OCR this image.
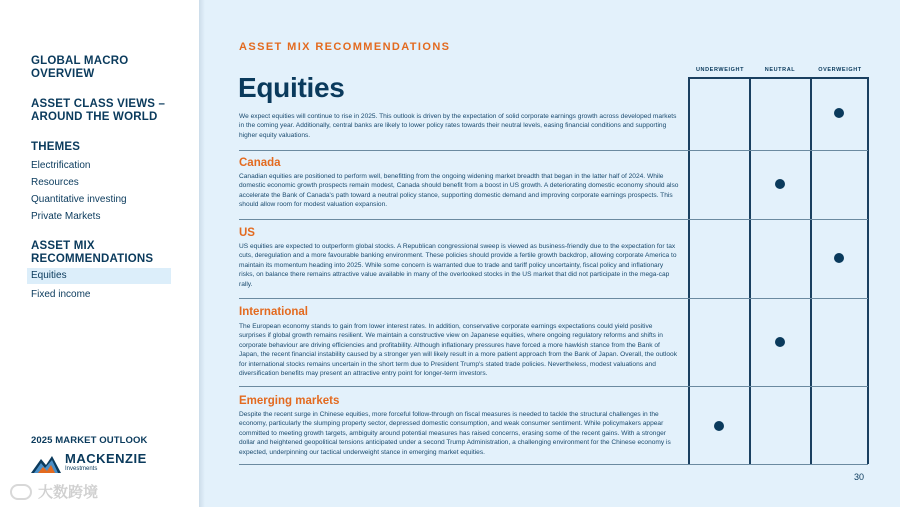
GLOBAL MACRO
OVERVIEW
ASSET CLASS VIEWS –
AROUND THE WORLD
THEMES
Electrification
Resources
Quantitative investing
Private Markets
ASSET MIX
RECOMMENDATIONS
Equities
Fixed income
2025 MARKET OUTLOOK
MACKENZIE
Investments
大数跨境
ASSET MIX RECOMMENDATIONS
UNDERWEIGHT	NEUTRAL	OVERWEIGHT
Equities
We expect equities will continue to rise in 2025. This outlook is driven by the expectation of solid corporate earnings growth across developed markets in the coming year. Additionally, central banks are likely to lower policy rates towards their neutral levels, easing financial conditions and supporting higher equity valuations.
Canada
Canadian equities are positioned to perform well, benefitting from the ongoing widening market breadth that began in the latter half of 2024. While domestic economic growth prospects remain modest, Canada should benefit from a boost in US growth. A deteriorating domestic economy should also accelerate the Bank of Canada's path toward a neutral policy stance, supporting domestic demand and improving corporate earnings prospects. This should allow room for modest valuation expansion.
US
US equities are expected to outperform global stocks. A Republican congressional sweep is viewed as business-friendly due to the expectation for tax cuts, deregulation and a more favourable banking environment. These policies should provide a fertile growth backdrop, allowing corporate America to maintain its momentum heading into 2025. While some concern is warranted due to trade and tariff policy uncertainty, fiscal policy and inflationary risks, on balance there remains attractive value available in many of the overlooked stocks in the US market that did not participate in the mega-cap rally.
International
The European economy stands to gain from lower interest rates. In addition, conservative corporate earnings expectations could yield positive surprises if global growth remains resilient. We maintain a constructive view on Japanese equities, where ongoing regulatory reforms and shifts in corporate behaviour are driving efficiencies and profitability. Although inflationary pressures have forced a more hawkish stance from the Bank of Japan, the recent financial instability caused by a stronger yen will likely result in a more patient approach from the Bank of Japan. Overall, the outlook for international stocks remains uncertain in the short term due to President Trump's stated trade policies. Nevertheless, modest valuations and diversification benefits may present an attractive entry point for longer-term investors.
Emerging markets
Despite the recent surge in Chinese equities, more forceful follow-through on fiscal measures is needed to tackle the structural challenges in the economy, particularly the slumping property sector, depressed domestic consumption, and weak consumer sentiment. While policymakers appear committed to meeting growth targets, ambiguity around potential measures has raised concerns, erasing some of the recent gains. With a stronger dollar and heightened geopolitical tensions anticipated under a second Trump Administration, a challenging environment for the Chinese economy is expected, underpinning our tactical underweight stance in emerging market equities.
30
